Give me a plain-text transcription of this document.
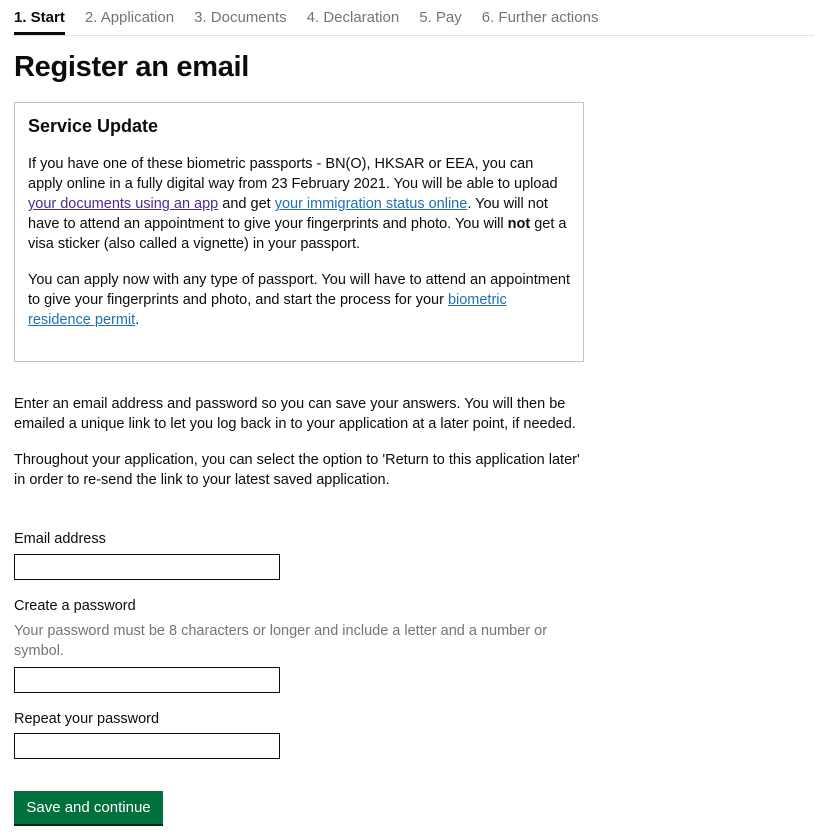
1. Start 2. Application 3. Documents 4. Declaration 5. Pay 6. Further actions
Register an email
Service Update

If you have one of these biometric passports - BN(O), HKSAR or EEA, you can apply online in a fully digital way from 23 February 2021. You will be able to upload your documents using an app and get your immigration status online. You will not have to attend an appointment to give your fingerprints and photo. You will not get a visa sticker (also called a vignette) in your passport.

You can apply now with any type of passport. You will have to attend an appointment to give your fingerprints and photo, and start the process for your biometric residence permit.

Enter an email address and password so you can save your answers. You will then be emailed a unique link to let you log back in to your application at a later point, if needed.

Throughout your application, you can select the option to 'Return to this application later' in order to re-send the link to your latest saved application.

Email address
Create a password
Your password must be 8 characters or longer and include a letter and a number or symbol.
Repeat your password
Save and continue
